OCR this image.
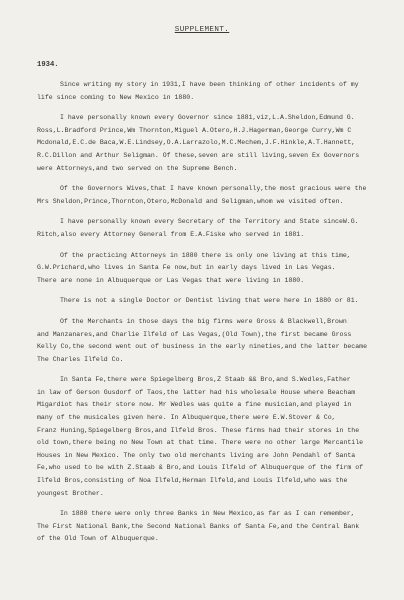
SUPPLEMENT.
1934.
Since writing my story in 1931,I have been thinking of other incidents of my
life since coming to New Mexico in 1880.
I have personally known every Governor since 1881,viz,L.A.Sheldon,Edmund G.
Ross,L.Bradford Prince,Wm Thornton,Miguel A.Otero,H.J.Hagerman,George Curry,Wm C
Mcdonald,E.C.de Baca,W.E.Lindsey,O.A.Larrazolo,M.C.Mechem,J.F.Hinkle,A.T.Hannett,
R.C.Dillon and Arthur Seligman. Of these,seven are still living,seven Ex Governors
were Attorneys,and two served on the Supreme Bench.
Of the Governors Wives,that I have known personally,the most gracious were the
Mrs Sheldon,Prince,Thornton,Otero,McDonald and Seligman,whom we visited often.
I have personally known every Secretary of the Territory and State sinceW.G.
Ritch,also every Attorney General from E.A.Fiske who served in 1881.
Of the practicing Attorneys in 1880 there is only one living at this time,
G.W.Prichard,who lives in Santa Fe now,but in early days lived in Las Vegas.
There are none in Albuquerque or Las Vegas that were living in 1880.
There is not a single Doctor or Dentist living that were here in 1880 or 81.
Of the Merchants in those days the big firms were Gross & Blackwell,Brown
and Manzanares,and Charlie Ilfeld of Las Vegas,(Old Town),the first became Gross
Kelly Co,the second went out of business in the early nineties,and the latter became
The Charles Ilfeld Co.
In Santa Fe,there were Spiegelberg Bros,Z Staab && Bro,and S.Wedles,Father
in law of Gerson Gusdorf of Taos,the latter had his wholesale House where Beacham
Migardiot has their store now. Mr Wedles was quite a fine musician,and played in
many of the musicales given here. In Albuquerque,there were E.W.Stover & Co,
Franz Huning,Spiegelberg Bros,and Ilfeld Bros. These firms had their stores in the
old town,there being no New Town at that time. There were no other large Mercantile
Houses in New Mexico. The only two old merchants living are John Pendahl of Santa
Fe,who used to be with Z.Staab & Bro,and Louis Ilfeld of Albuquerque of the firm of
Ilfeld Bros,consisting of Noa Ilfeld,Herman Ilfeld,and Louis Ilfeld,who was the
youngest Brother.
In 1880 there were only three Banks in New Mexico,as far as I can remember,
The First National Bank,the Second National Banks of Santa Fe,and the Central Bank
of the Old Town of Albuquerque.
